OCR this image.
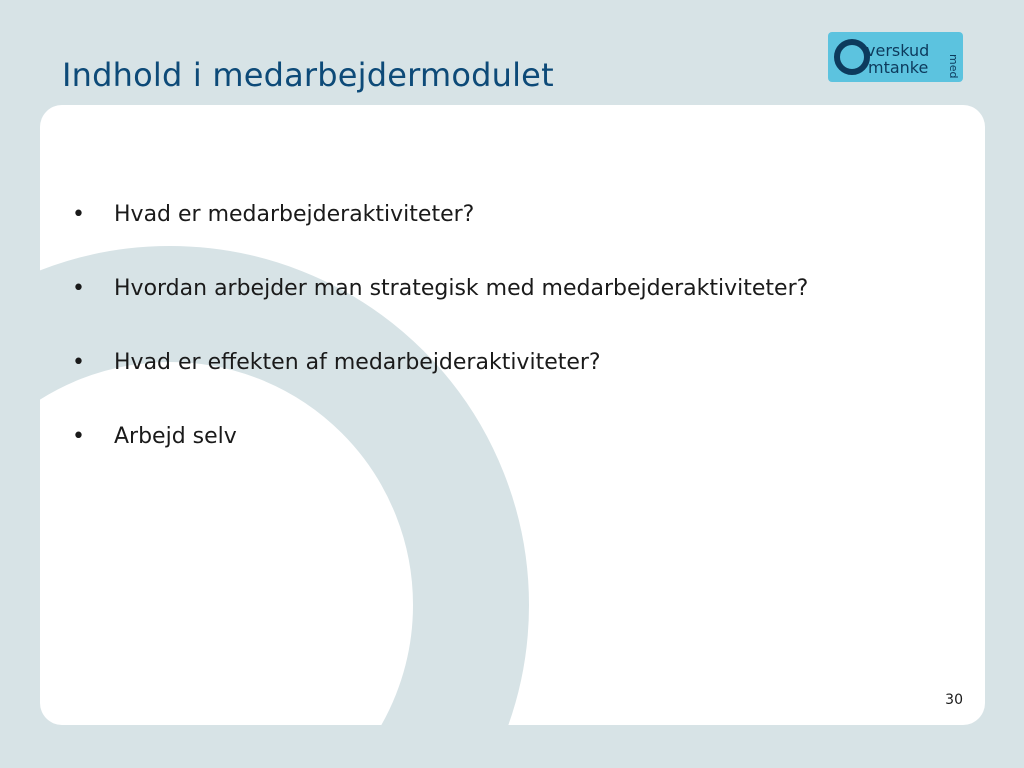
Indhold i medarbejdermodulet
verskud
mtanke med
• Hvad er medarbejderaktiviteter?
• Hvordan arbejder man strategisk med medarbejderaktiviteter?
• Hvad er effekten af medarbejderaktiviteter?
• Arbejd selv
30
